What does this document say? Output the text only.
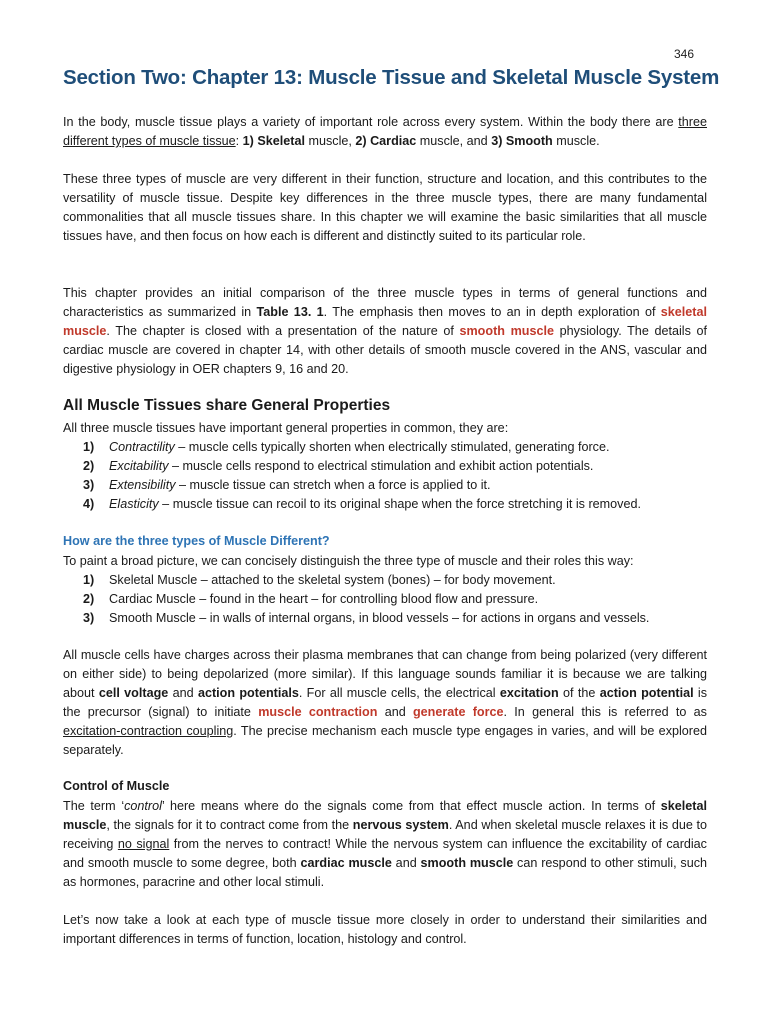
346
Section Two: Chapter 13: Muscle Tissue and Skeletal Muscle System

In the body, muscle tissue plays a variety of important role across every system. Within the body there are three different types of muscle tissue: 1) Skeletal muscle, 2) Cardiac muscle, and 3) Smooth muscle.

These three types of muscle are very different in their function, structure and location, and this contributes to the versatility of muscle tissue. Despite key differences in the three muscle types, there are many fundamental commonalities that all muscle tissues share. In this chapter we will examine the basic similarities that all muscle tissues have, and then focus on how each is different and distinctly suited to its particular role.

This chapter provides an initial comparison of the three muscle types in terms of general functions and characteristics as summarized in Table 13. 1. The emphasis then moves to an in depth exploration of skeletal muscle. The chapter is closed with a presentation of the nature of smooth muscle physiology. The details of cardiac muscle are covered in chapter 14, with other details of smooth muscle covered in the ANS, vascular and digestive physiology in OER chapters 9, 16 and 20.

All Muscle Tissues share General Properties

All three muscle tissues have important general properties in common, they are:

1)	Contractility – muscle cells typically shorten when electrically stimulated, generating force.
2)	Excitability – muscle cells respond to electrical stimulation and exhibit action potentials.
3)	Extensibility – muscle tissue can stretch when a force is applied to it.
4)	Elasticity – muscle tissue can recoil to its original shape when the force stretching it is removed.
How are the three types of Muscle Different?

To paint a broad picture, we can concisely distinguish the three type of muscle and their roles this way:

1)	Skeletal Muscle – attached to the skeletal system (bones) – for body movement.
2)	Cardiac Muscle – found in the heart – for controlling blood flow and pressure.
3)	Smooth Muscle – in walls of internal organs, in blood vessels – for actions in organs and vessels.

All muscle cells have charges across their plasma membranes that can change from being polarized (very different on either side) to being depolarized (more similar). If this language sounds familiar it is because we are talking about cell voltage and action potentials. For all muscle cells, the electrical excitation of the action potential is the precursor (signal) to initiate muscle contraction and generate force. In general this is referred to as excitation-contraction coupling. The precise mechanism each muscle type engages in varies, and will be explored separately.

Control of Muscle

The term ‘control’ here means where do the signals come from that effect muscle action. In terms of skeletal muscle, the signals for it to contract come from the nervous system. And when skeletal muscle relaxes it is due to receiving no signal from the nerves to contract! While the nervous system can influence the excitability of cardiac and smooth muscle to some degree, both cardiac muscle and smooth muscle can respond to other stimuli, such as hormones, paracrine and other local stimuli.

Let’s now take a look at each type of muscle tissue more closely in order to understand their similarities and important differences in terms of function, location, histology and control.
